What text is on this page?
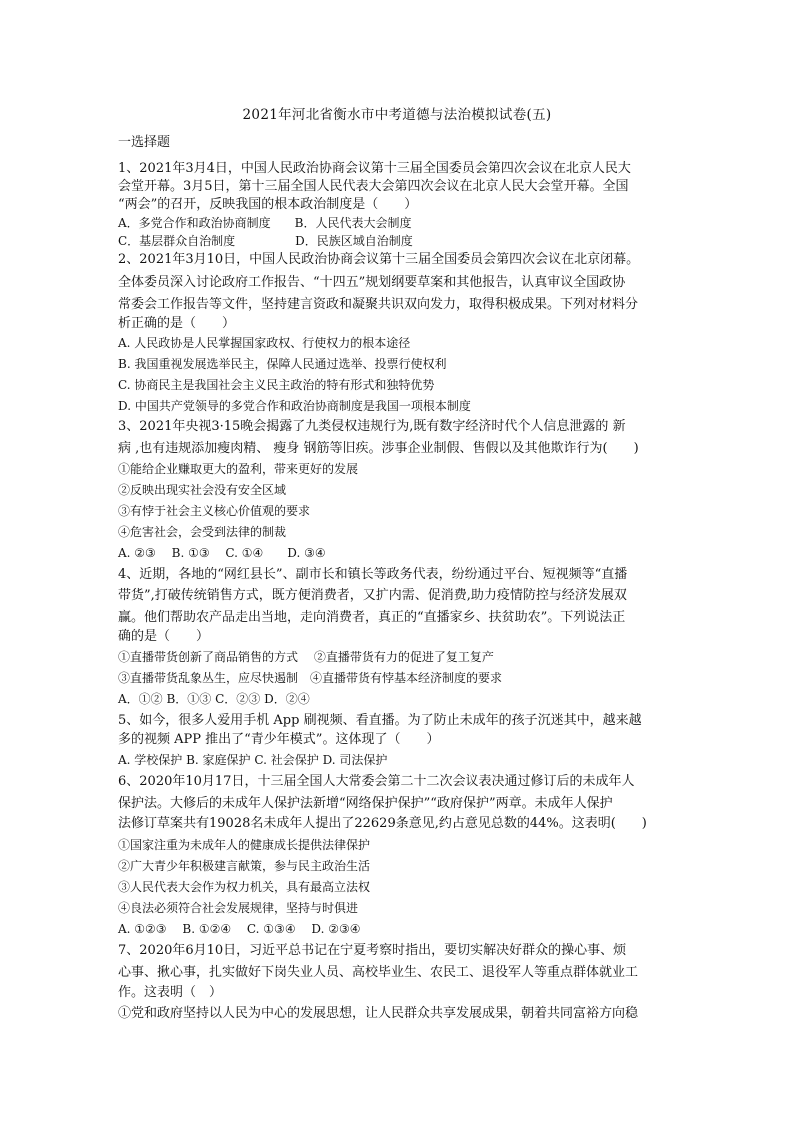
2021年河北省衡水市中考道德与法治模拟试卷(五)
一选择题
1、2021年3月4日，中国人民政治协商会议第十三届全国委员会第四次会议在北京人民大
会堂开幕。3月5日，第十三届全国人民代表大会第四次会议在北京人民大会堂开幕。全国
“两会”的召开，反映我国的根本政治制度是（　　）
A．多党合作和政治协商制度　　B．人民代表大会制度
C．基层群众自治制度　　　　　D．民族区域自治制度
2、2021年3月10日，中国人民政治协商会议第十三届全国委员会第四次会议在北京闭幕。
全体委员深入讨论政府工作报告、“十四五”规划纲要草案和其他报告，认真审议全国政协
常委会工作报告等文件，坚持建言资政和凝聚共识双向发力，取得积极成果。下列对材料分
析正确的是（　　）
A. 人民政协是人民掌握国家政权、行使权力的根本途径
B. 我国重视发展选举民主，保障人民通过选举、投票行使权利
C. 协商民主是我国社会主义民主政治的特有形式和独特优势
D. 中国共产党领导的多党合作和政治协商制度是我国一项根本制度
3、2021年央视3·15晚会揭露了九类侵权违规行为,既有数字经济时代个人信息泄露的 新
病 ,也有违规添加瘦肉精、 瘦身 钢筋等旧疾。涉事企业制假、售假以及其他欺诈行为(　　)
①能给企业赚取更大的盈利，带来更好的发展
②反映出现实社会没有安全区域
③有悖于社会主义核心价值观的要求
④危害社会，会受到法律的制裁
A. ②③　 B. ①③　 C. ①④　　D. ③④
4、近期，各地的“网红县长”、副市长和镇长等政务代表，纷纷通过平台、短视频等“直播
带货”,打破传统销售方式，既方便消费者，又扩内需、促消费,助力疫情防控与经济发展双
赢。他们帮助农产品走出当地，走向消费者，真正的“直播家乡、扶贫助农”。下列说法正
确的是（　　）
①直播带货创新了商品销售的方式　 ②直播带货有力的促进了复工复产
③直播带货乱象丛生，应尽快遏制　④直播带货有悖基本经济制度的要求
A．①② B．①③ C．②③ D．②④
5、如今，很多人爱用手机 App 刷视频、看直播。为了防止未成年的孩子沉迷其中，越来越
多的视频 APP 推出了“青少年模式”。这体现了（　　）
A. 学校保护 B. 家庭保护 C. 社会保护 D. 司法保护
6、2020年10月17日，十三届全国人大常委会第二十二次会议表决通过修订后的未成年人
保护法。大修后的未成年人保护法新增“网络保护保护”“政府保护”两章。未成年人保护
法修订草案共有19028名未成年人提出了22629条意见,约占意见总数的44%。这表明(　　)
①国家注重为未成年人的健康成长提供法律保护
②广大青少年积极建言献策，参与民主政治生活
③人民代表大会作为权力机关，具有最高立法权
④良法必须符合社会发展规律，坚持与时俱进
A. ①②③　 B. ①②④　 C. ①③④　 D. ②③④
7、2020年6月10日，习近平总书记在宁夏考察时指出，要切实解决好群众的操心事、烦
心事、揪心事，扎实做好下岗失业人员、高校毕业生、农民工、退役军人等重点群体就业工
作。这表明（　）
①党和政府坚持以人民为中心的发展思想，让人民群众共享发展成果，朝着共同富裕方向稳
